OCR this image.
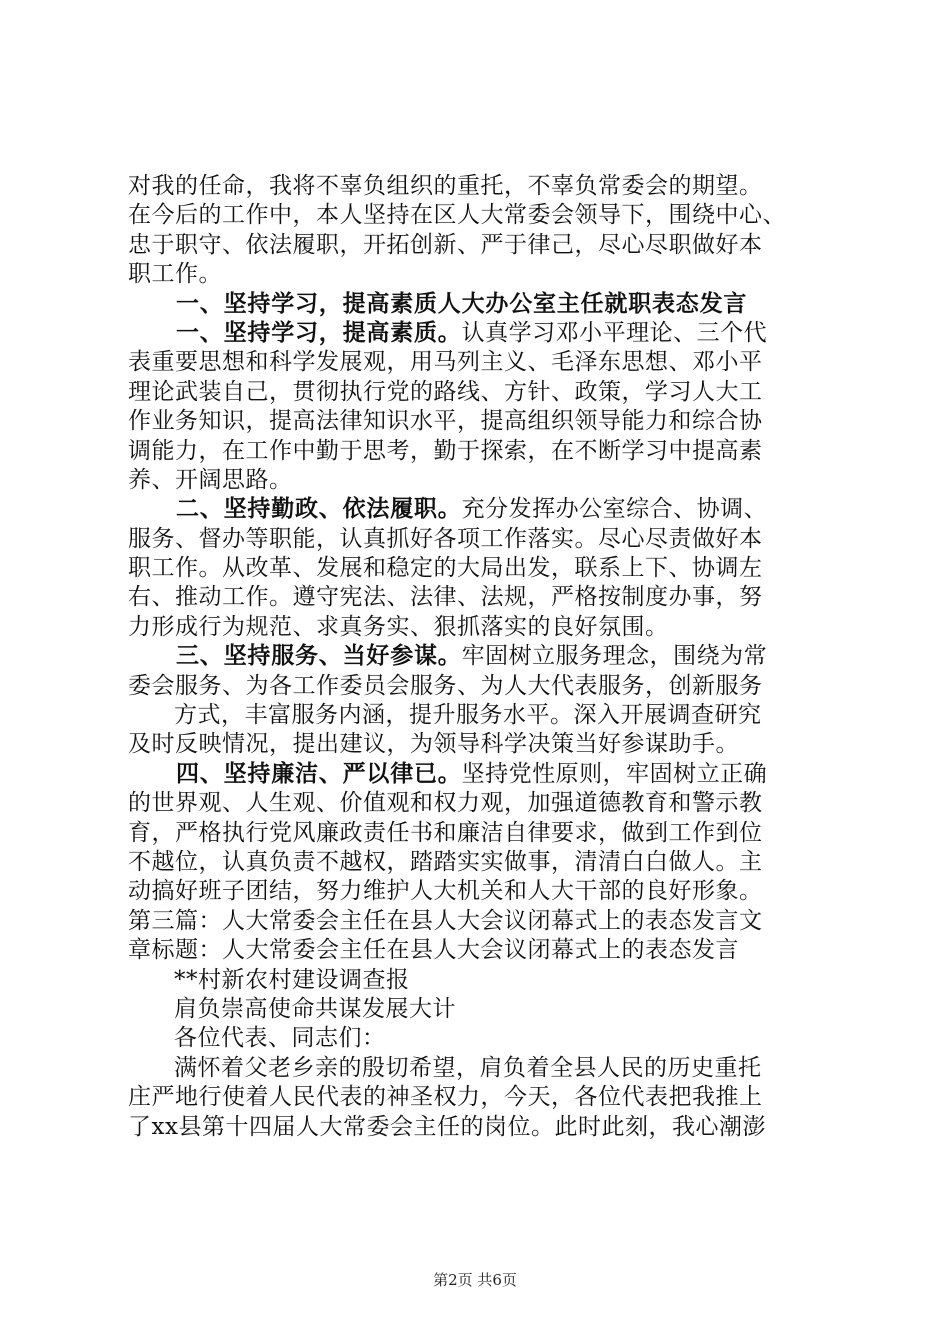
对我的任命，我将不辜负组织的重托，不辜负常委会的期望。
在今后的工作中，本人坚持在区人大常委会领导下，围绕中心、
忠于职守、依法履职，开拓创新、严于律己，尽心尽职做好本
职工作。
一、坚持学习，提高素质人大办公室主任就职表态发言
一、坚持学习，提高素质。认真学习邓小平理论、三个代
表重要思想和科学发展观，用马列主义、毛泽东思想、邓小平
理论武装自己，贯彻执行党的路线、方针、政策，学习人大工
作业务知识，提高法律知识水平，提高组织领导能力和综合协
调能力，在工作中勤于思考，勤于探索，在不断学习中提高素
养、开阔思路。
二、坚持勤政、依法履职。充分发挥办公室综合、协调、
服务、督办等职能，认真抓好各项工作落实。尽心尽责做好本
职工作。从改革、发展和稳定的大局出发，联系上下、协调左
右、推动工作。遵守宪法、法律、法规，严格按制度办事，努
力形成行为规范、求真务实、狠抓落实的良好氛围。
三、坚持服务、当好参谋。牢固树立服务理念，围绕为常
委会服务、为各工作委员会服务、为人大代表服务，创新服务
方式，丰富服务内涵，提升服务水平。深入开展调查研究
及时反映情况，提出建议，为领导科学决策当好参谋助手。
四、坚持廉洁、严以律已。坚持党性原则，牢固树立正确
的世界观、人生观、价值观和权力观，加强道德教育和警示教
育，严格执行党风廉政责任书和廉洁自律要求，做到工作到位
不越位，认真负责不越权，踏踏实实做事，清清白白做人。主
动搞好班子团结，努力维护人大机关和人大干部的良好形象。
第三篇：人大常委会主任在县人大会议闭幕式上的表态发言文
章标题：人大常委会主任在县人大会议闭幕式上的表态发言
**村新农村建设调查报
肩负崇高使命共谋发展大计
各位代表、同志们：
满怀着父老乡亲的殷切希望，肩负着全县人民的历史重托
庄严地行使着人民代表的神圣权力，今天，各位代表把我推上
了xx县第十四届人大常委会主任的岗位。此时此刻，我心潮澎
第2页 共6页
